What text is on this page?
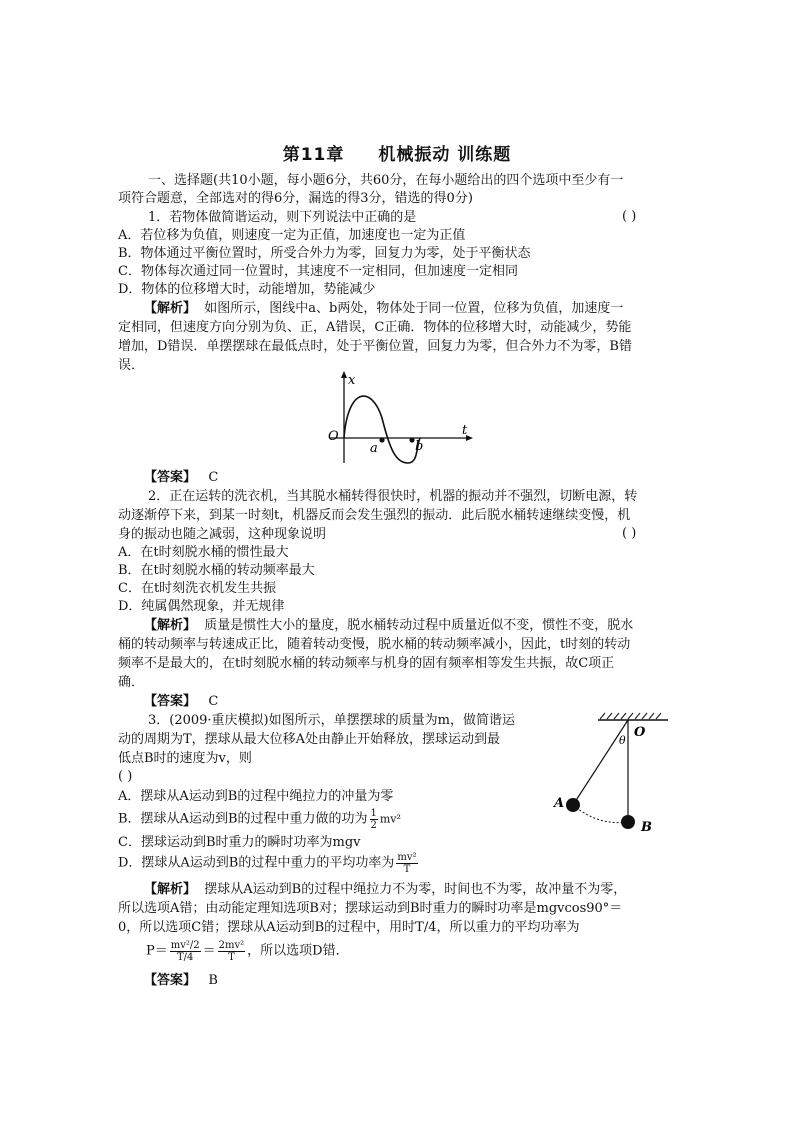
第11章 机械振动 训练题
一、选择题(共10小题，每小题6分，共60分，在每小题给出的四个选项中至少有一
项符合题意，全部选对的得6分，漏选的得3分，错选的得0分)
1．若物体做简谐运动，则下列说法中正确的是	( )
A．若位移为负值，则速度一定为正值，加速度也一定为正值
B．物体通过平衡位置时，所受合外力为零，回复力为零，处于平衡状态
C．物体每次通过同一位置时，其速度不一定相同，但加速度一定相同
D．物体的位移增大时，动能增加，势能减少
【解析】 如图所示，图线中a、b两处，物体处于同一位置，位移为负值，加速度一
定相同，但速度方向分别为负、正，A错误，C正确．物体的位移增大时，动能减少，势能
增加，D错误．单摆摆球在最低点时，处于平衡位置，回复力为零，但合外力不为零，B错
误．
x
t
O
a	b
【答案】 C
2．正在运转的洗衣机，当其脱水桶转得很快时，机器的振动并不强烈，切断电源，转
动逐渐停下来，到某一时刻t，机器反而会发生强烈的振动．此后脱水桶转速继续变慢，机
身的振动也随之减弱，这种现象说明	( )
A．在t时刻脱水桶的惯性最大
B．在t时刻脱水桶的转动频率最大
C．在t时刻洗衣机发生共振
D．纯属偶然现象，并无规律
【解析】 质量是惯性大小的量度，脱水桶转动过程中质量近似不变，惯性不变，脱水
桶的转动频率与转速成正比，随着转动变慢，脱水桶的转动频率减小，因此，t时刻的转动
频率不是最大的，在t时刻脱水桶的转动频率与机身的固有频率相等发生共振，故C项正
确．
【答案】 C
3．(2009·重庆模拟)如图所示，单摆摆球的质量为m，做简谐运
动的周期为T，摆球从最大位移A处由静止开始释放，摆球运动到最
低点B时的速度为v，则
( )
A．摆球从A运动到B的过程中绳拉力的冲量为零
B．摆球从A运动到B的过程中重力做的功为 $\frac{1}{2} mv^2$
C．摆球运动到B时重力的瞬时功率为mgv
D．摆球从A运动到B的过程中重力的平均功率为 $\frac{\text{mv²}}{T}$
O
θ
A
B
【解析】 摆球从A运动到B的过程中绳拉力不为零，时间也不为零，故冲量不为零，
所以选项A错；由动能定理知选项B对；摆球运动到B时重力的瞬时功率是mgvcos90°＝
0，所以选项C错；摆球从A运动到B的过程中，用时T/4，所以重力的平均功率为
$P= \frac{\text{mv²/2}}{T/4} = \frac{\text{2mv²}}{T}$ ，所以选项D错．
【答案】 B
